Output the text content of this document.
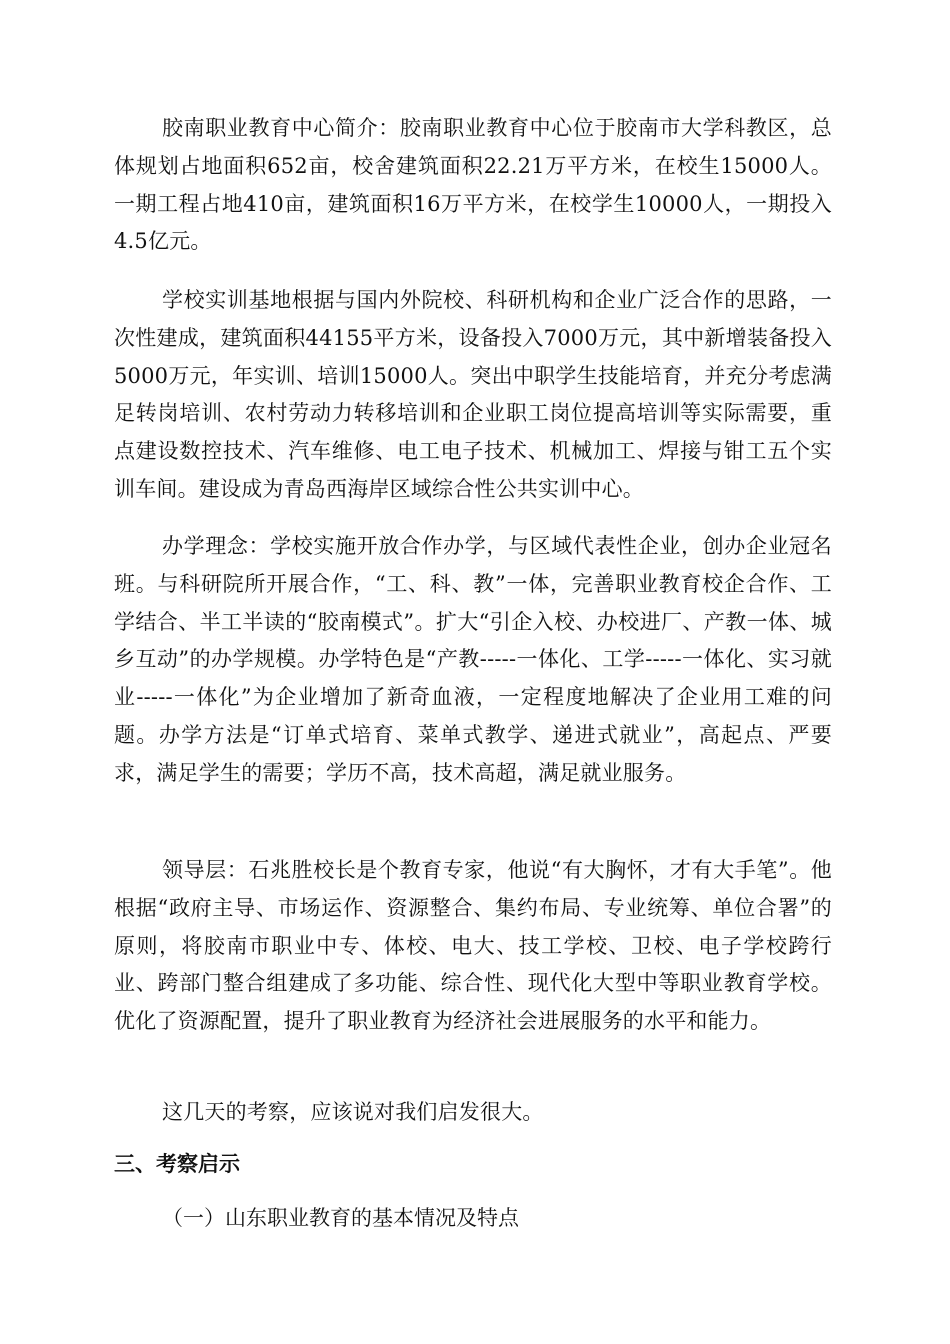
胶南职业教育中心简介：胶南职业教育中心位于胶南市大学科教区，总体规划占地面积652亩，校舍建筑面积22.21万平方米，在校生15000人。一期工程占地410亩，建筑面积16万平方米，在校学生10000人，一期投入4.5亿元。

学校实训基地根据与国内外院校、科研机构和企业广泛合作的思路，一次性建成，建筑面积44155平方米，设备投入7000万元，其中新增装备投入5000万元，年实训、培训15000人。突出中职学生技能培育，并充分考虑满足转岗培训、农村劳动力转移培训和企业职工岗位提高培训等实际需要，重点建设数控技术、汽车维修、电工电子技术、机械加工、焊接与钳工五个实训车间。建设成为青岛西海岸区域综合性公共实训中心。

办学理念：学校实施开放合作办学，与区域代表性企业，创办企业冠名班。与科研院所开展合作，“工、科、教”一体，完善职业教育校企合作、工学结合、半工半读的“胶南模式”。扩大“引企入校、办校进厂、产教一体、城乡互动”的办学规模。办学特色是“产教-----一体化、工学-----一体化、实习就业-----一体化”为企业增加了新奇血液，一定程度地解决了企业用工难的问题。办学方法是“订单式培育、菜单式教学、递进式就业”，高起点、严要求，满足学生的需要；学历不高，技术高超，满足就业服务。

领导层：石兆胜校长是个教育专家，他说“有大胸怀，才有大手笔”。他根据“政府主导、市场运作、资源整合、集约布局、专业统筹、单位合署”的原则，将胶南市职业中专、体校、电大、技工学校、卫校、电子学校跨行业、跨部门整合组建成了多功能、综合性、现代化大型中等职业教育学校。优化了资源配置，提升了职业教育为经济社会进展服务的水平和能力。

这几天的考察，应该说对我们启发很大。

三、考察启示

（一）山东职业教育的基本情况及特点
